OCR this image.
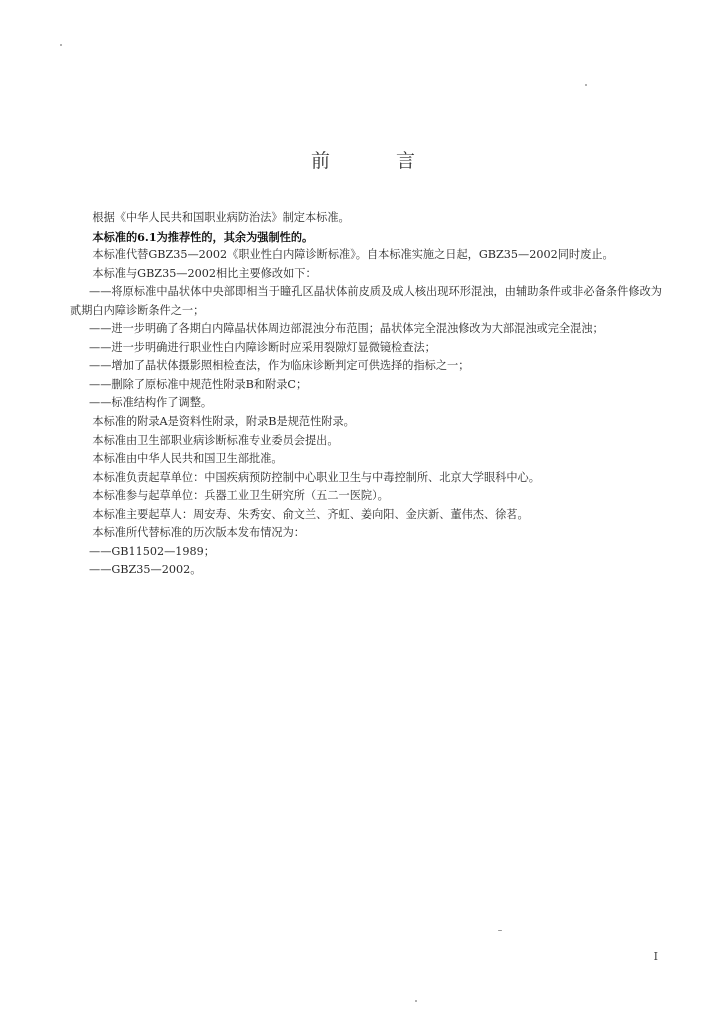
前 言

根据《中华人民共和国职业病防治法》制定本标准。

本标准的6.1为推荐性的，其余为强制性的。

本标准代替GBZ35—2002《职业性白内障诊断标准》。自本标准实施之日起，GBZ35—2002同时废止。

本标准与GBZ35—2002相比主要修改如下：

——将原标准中晶状体中央部即相当于瞳孔区晶状体前皮质及成人核出现环形混浊，由辅助条件或非必备条件修改为贰期白内障诊断条件之一；

——进一步明确了各期白内障晶状体周边部混浊分布范围；晶状体完全混浊修改为大部混浊或完全混浊；

——进一步明确进行职业性白内障诊断时应采用裂隙灯显微镜检查法；

——增加了晶状体摄影照相检查法，作为临床诊断判定可供选择的指标之一；

——删除了原标准中规范性附录B和附录C；

——标准结构作了调整。

本标准的附录A是资料性附录，附录B是规范性附录。

本标准由卫生部职业病诊断标准专业委员会提出。

本标准由中华人民共和国卫生部批准。

本标准负责起草单位：中国疾病预防控制中心职业卫生与中毒控制所、北京大学眼科中心。

本标准参与起草单位：兵器工业卫生研究所（五二一医院）。

本标准主要起草人：周安寿、朱秀安、俞文兰、齐虹、姜向阳、金庆新、董伟杰、徐茗。

本标准所代替标准的历次版本发布情况为：

——GB11502—1989；

——GBZ35—2002。

I
